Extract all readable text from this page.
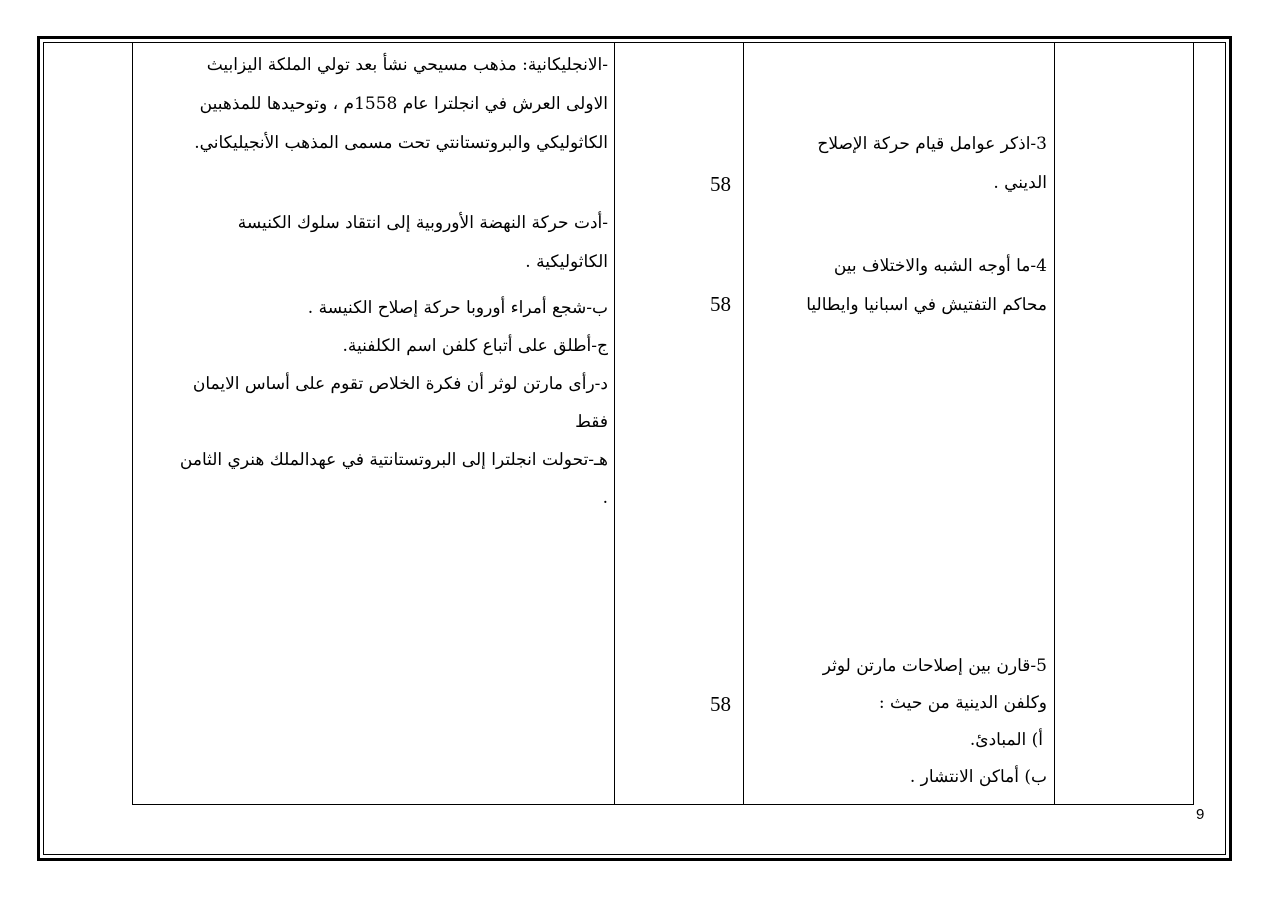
-الانجليكانية: مذهب مسيحي نشأ بعد تولي الملكة اليزابيث
الاولى العرش في انجلترا عام 1558م ، وتوحيدها للمذهبين
الكاثوليكي والبروتستانتي تحت مسمى المذهب الأنجيليكاني.
-أدت حركة النهضة الأوروبية إلى انتقاد سلوك الكنيسة
الكاثوليكية .
ب-شجع أمراء أوروبا حركة إصلاح الكنيسة .
ج-أطلق على أتباع كلفن اسم الكلفنية.
د-رأى مارتن لوثر أن فكرة الخلاص تقوم على أساس الايمان
فقط
هـ-تحولت انجلترا إلى البروتستانتية في عهدالملك هنري الثامن
.
58
58
58
3-اذكر عوامل قيام حركة الإصلاح
الديني .
4-ما أوجه الشبه والاختلاف بين
محاكم التفتيش في اسبانيا وايطاليا
5-قارن بين إصلاحات مارتن لوثر
وكلفن الدينية من حيث :
أ) المبادئ.
ب) أماكن الانتشار .
9
